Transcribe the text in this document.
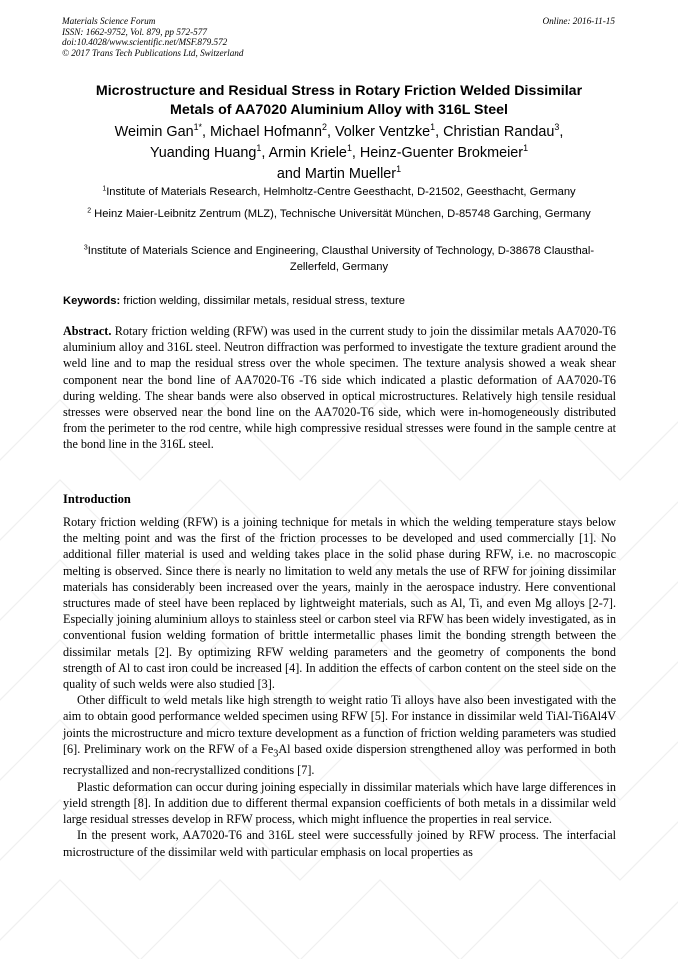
Materials Science Forum
ISSN: 1662-9752, Vol. 879, pp 572-577
doi:10.4028/www.scientific.net/MSF.879.572
© 2017 Trans Tech Publications Ltd, Switzerland
Online: 2016-11-15
Microstructure and Residual Stress in Rotary Friction Welded Dissimilar
Metals of AA7020 Aluminium Alloy with 316L Steel
Weimin Gan$^{1*}$, Michael Hofmann$^2$, Volker Ventzke$^1$, Christian Randau$^3$,
Yuanding Huang$^1$, Armin Kriele$^1$, Heinz-Guenter Brokmeier$^1$
and Martin Mueller$^1$
$^1$Institute of Materials Research, Helmholtz-Centre Geesthacht, D-21502, Geesthacht, Germany
$^2$ Heinz Maier-Leibnitz Zentrum (MLZ), Technische Universität München, D-85748 Garching, Germany
$^3$Institute of Materials Science and Engineering, Clausthal University of Technology, D-38678 Clausthal-Zellerfeld, Germany
Keywords: friction welding, dissimilar metals, residual stress, texture

Abstract. Rotary friction welding (RFW) was used in the current study to join the dissimilar metals AA7020-T6 aluminium alloy and 316L steel. Neutron diffraction was performed to investigate the texture gradient around the weld line and to map the residual stress over the whole specimen. The texture analysis showed a weak shear component near the bond line of AA7020-T6 -T6 side which indicated a plastic deformation of AA7020-T6 during welding. The shear bands were also observed in optical microstructures. Relatively high tensile residual stresses were observed near the bond line on the AA7020-T6 side, which were in-homogeneously distributed from the perimeter to the rod centre, while high compressive residual stresses were found in the sample centre at the bond line in the 316L steel.

Introduction

Rotary friction welding (RFW) is a joining technique for metals in which the welding temperature stays below the melting point and was the first of the friction processes to be developed and used commercially [1]. No additional filler material is used and welding takes place in the solid phase during RFW, i.e. no macroscopic melting is observed. Since there is nearly no limitation to weld any metals the use of RFW for joining dissimilar materials has considerably been increased over the years, mainly in the aerospace industry. Here conventional structures made of steel have been replaced by lightweight materials, such as Al, Ti, and even Mg alloys [2-7]. Especially joining aluminium alloys to stainless steel or carbon steel via RFW has been widely investigated, as in conventional fusion welding formation of brittle intermetallic phases limit the bonding strength between the dissimilar metals [2]. By optimizing RFW welding parameters and the geometry of components the bond strength of Al to cast iron could be increased [4]. In addition the effects of carbon content on the steel side on the quality of such welds were also studied [3].

Other difficult to weld metals like high strength to weight ratio Ti alloys have also been investigated with the aim to obtain good performance welded specimen using RFW [5]. For instance in dissimilar weld TiAl-Ti6Al4V joints the microstructure and micro texture development as a function of friction welding parameters was studied [6]. Preliminary work on the RFW of a $Fe_3Al$ based oxide dispersion strengthened alloy was performed in both recrystallized and non-recrystallized conditions [7].

Plastic deformation can occur during joining especially in dissimilar materials which have large differences in yield strength [8]. In addition due to different thermal expansion coefficients of both metals in a dissimilar weld large residual stresses develop in RFW process, which might influence the properties in real service.

In the present work, AA7020-T6 and 316L steel were successfully joined by RFW process. The interfacial microstructure of the dissimilar weld with particular emphasis on local properties as
